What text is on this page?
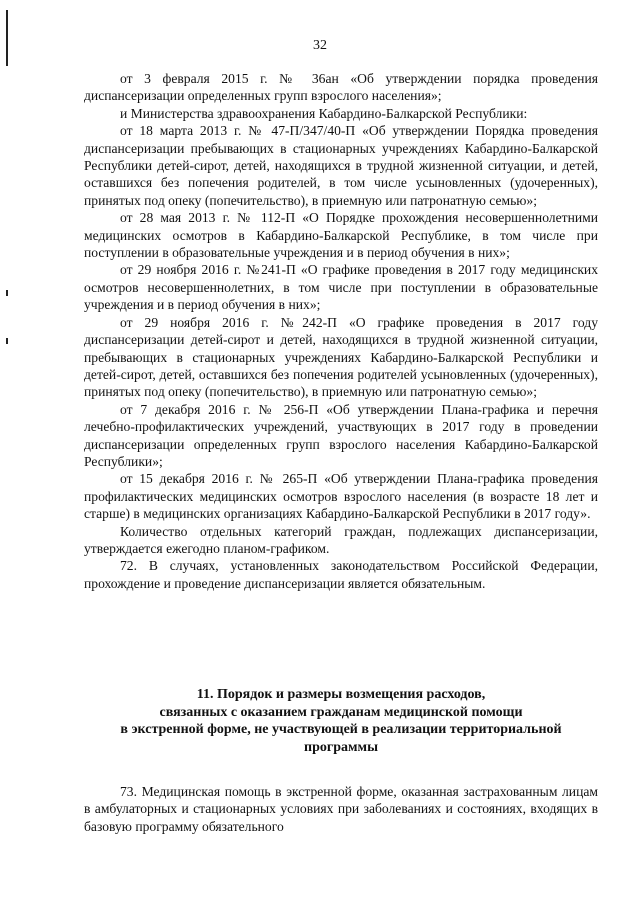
32

от 3 февраля 2015 г. № 36ан «Об утверждении порядка проведения диспансеризации определенных групп взрослого населения»;

и Министерства здравоохранения Кабардино-Балкарской Республики:

от 18 марта 2013 г. № 47-П/347/40-П «Об утверждении Порядка проведения диспансеризации пребывающих в стационарных учреждениях Кабардино-Балкарской Республики детей-сирот, детей, находящихся в трудной жизненной ситуации, и детей, оставшихся без попечения родителей, в том числе усыновленных (удочеренных), принятых под опеку (попечительство), в приемную или патронатную семью»;

от 28 мая 2013 г. № 112-П «О Порядке прохождения несовершеннолетними медицинских осмотров в Кабардино-Балкарской Республике, в том числе при поступлении в образовательные учреждения и в период обучения в них»;

от 29 ноября 2016 г. №241-П «О графике проведения в 2017 году медицинских осмотров несовершеннолетних, в том числе при поступлении в образовательные учреждения и в период обучения в них»;

от 29 ноября 2016 г. №242-П «О графике проведения в 2017 году диспансеризации детей-сирот и детей, находящихся в трудной жизненной ситуации, пребывающих в стационарных учреждениях Кабардино-Балкарской Республики и детей-сирот, детей, оставшихся без попечения родителей усыновленных (удочеренных), принятых под опеку (попечительство), в приемную или патронатную семью»;

от 7 декабря 2016 г. № 256-П «Об утверждении Плана-графика и перечня лечебно-профилактических учреждений, участвующих в 2017 году в проведении диспансеризации определенных групп взрослого населения Кабардино-Балкарской Республики»;

от 15 декабря 2016 г. № 265-П «Об утверждении Плана-графика проведения профилактических медицинских осмотров взрослого населения (в возрасте 18 лет и старше) в медицинских организациях Кабардино-Балкарской Республики в 2017 году».

Количество отдельных категорий граждан, подлежащих диспансеризации, утверждается ежегодно планом-графиком.

72. В случаях, установленных законодательством Российской Федерации, прохождение и проведение диспансеризации является обязательным.

11. Порядок и размеры возмещения расходов,
связанных с оказанием гражданам медицинской помощи
в экстренной форме, не участвующей в реализации территориальной
программы

73. Медицинская помощь в экстренной форме, оказанная застрахованным лицам в амбулаторных и стационарных условиях при заболеваниях и состояниях, входящих в базовую программу обязательного
